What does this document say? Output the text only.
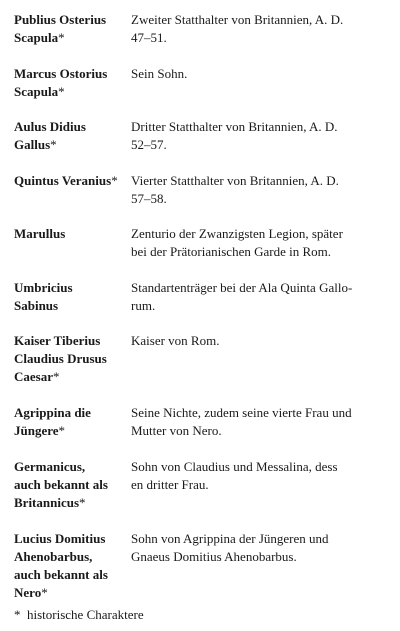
Publius Osterius
Scapula*
Zweiter Statthalter von Britannien, A. D.
47–51.
Marcus Ostorius
Scapula*
Sein Sohn.
Aulus Didius
Gallus*
Dritter Statthalter von Britannien, A. D.
52–57.
Quintus Veranius*	Vierter Statthalter von Britannien, A. D.
57–58.
Marullus	Zenturio der Zwanzigsten Legion, später
bei der Prätorianischen Garde in Rom.
Umbricius
Sabinus
Standartenträger bei der Ala Quinta Gallo-
rum.
Kaiser Tiberius
Claudius Drusus
Caesar*
Kaiser von Rom.
Agrippina die
Jüngere*
Seine Nichte, zudem seine vierte Frau und
Mutter von Nero.
Germanicus,
auch bekannt als
Britannicus*
Sohn von Claudius und Messalina, dess
en dritter Frau.
Lucius Domitius
Ahenobarbus,
auch bekannt als
Nero*
Sohn von Agrippina der Jüngeren und
Gnaeus Domitius Ahenobarbus.
* historische Charaktere
